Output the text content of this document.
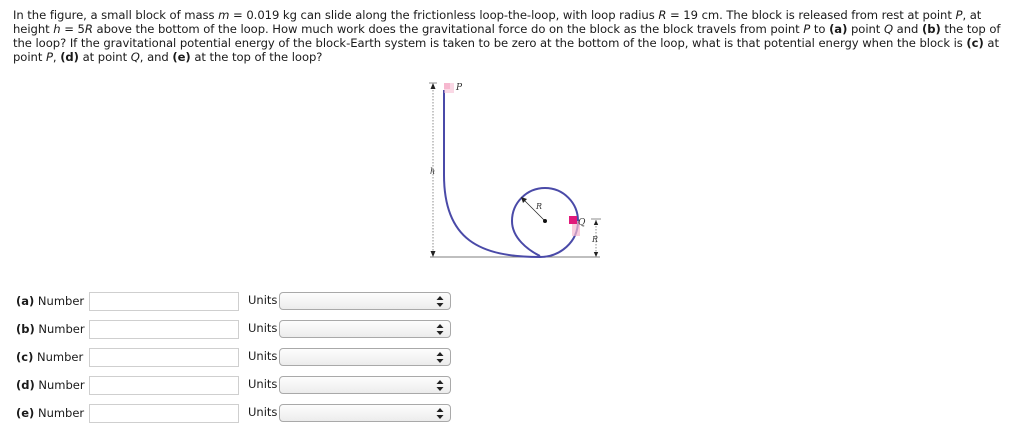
In the figure, a small block of mass m = 0.019 kg can slide along the frictionless loop-the-loop, with loop radius R = 19 cm. The block is released from rest at point P, at height h = 5R above the bottom of the loop. How much work does the gravitational force do on the block as the block travels from point P to (a) point Q and (b) the top of the loop? If the gravitational potential energy of the block-Earth system is taken to be zero at the bottom of the loop, what is that potential energy when the block is (c) at point P, (d) at point Q, and (e) at the top of the loop?
h
P
R
Q
R
(a) Number	Units
(b) Number	Units
(c) Number	Units
(d) Number	Units
(e) Number	Units
